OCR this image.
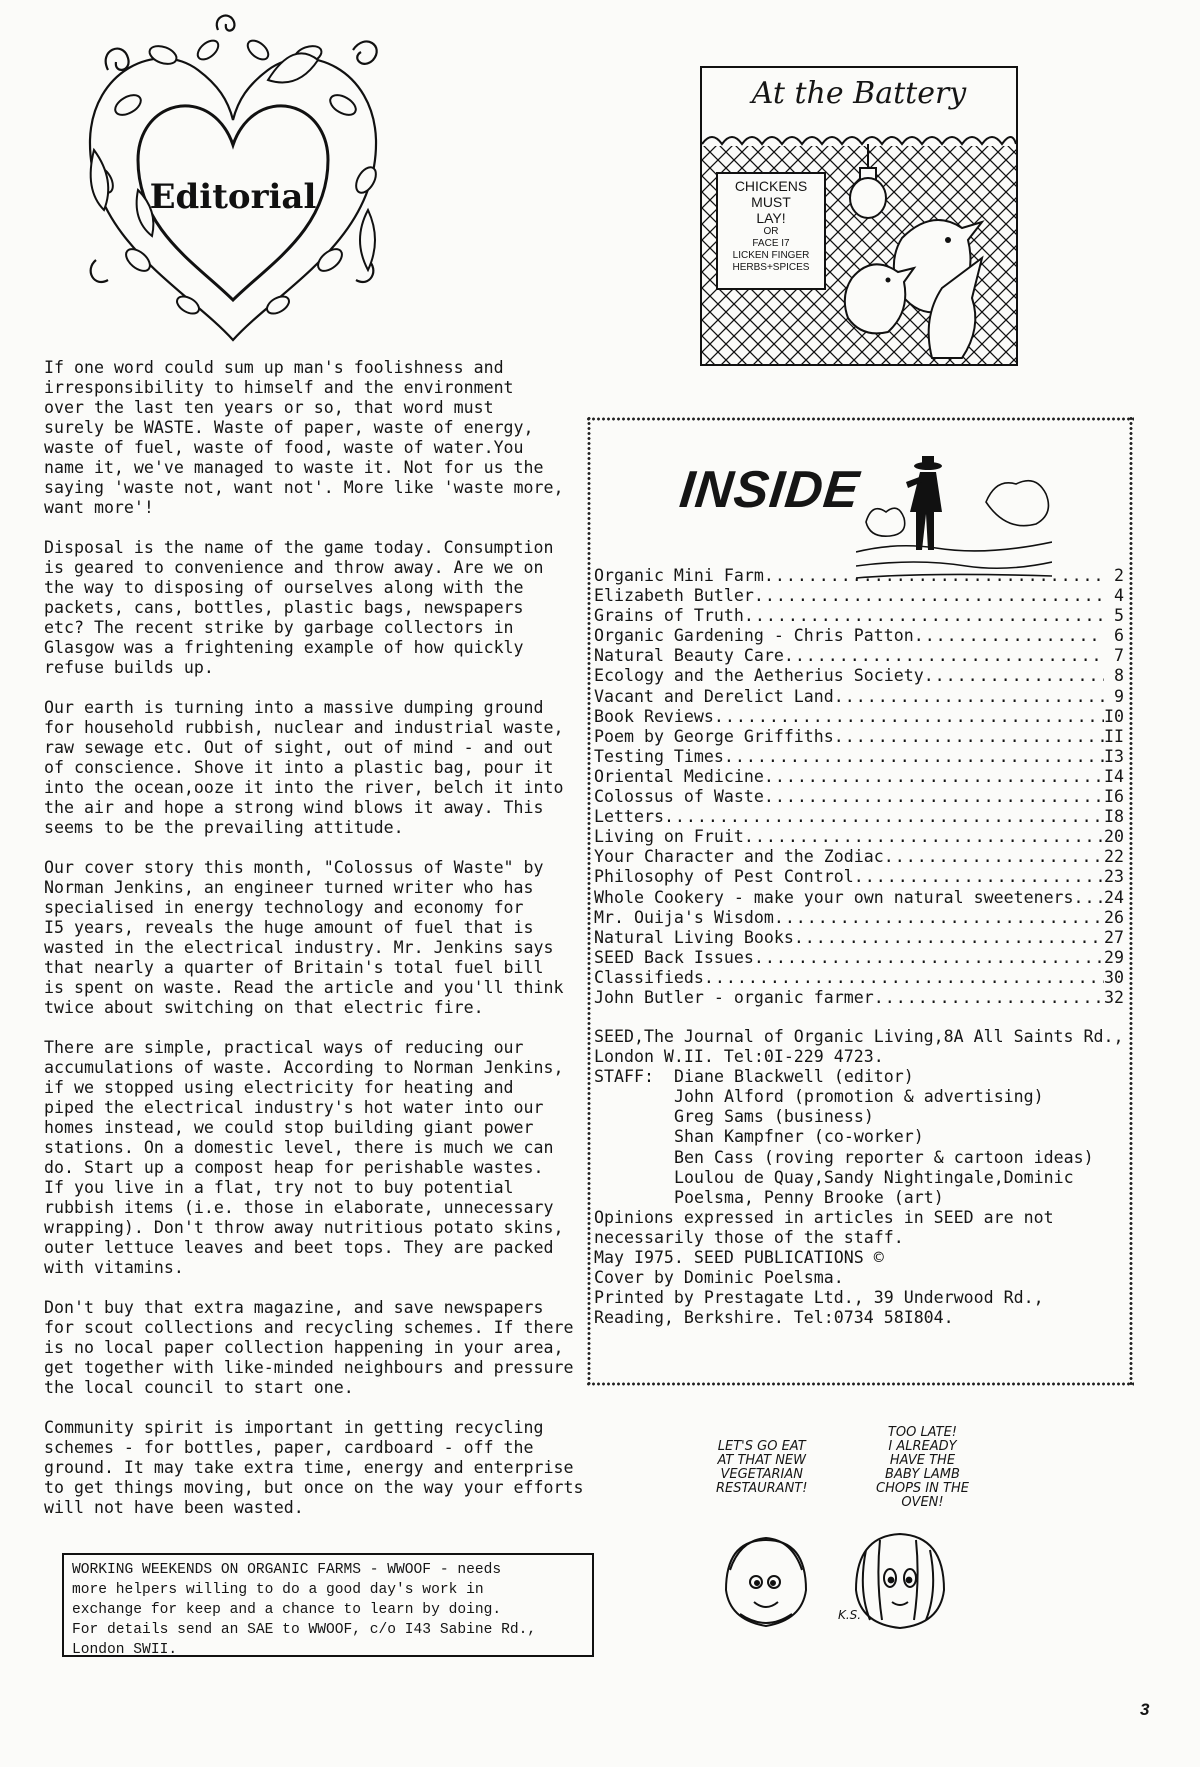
Editorial

If one word could sum up man's foolishness and
irresponsibility to himself and the environment
over the last ten years or so, that word must
surely be WASTE. Waste of paper, waste of energy,
waste of fuel, waste of food, waste of water.You
name it, we've managed to waste it. Not for us the
saying 'waste not, want not'. More like 'waste more,
want more'!

Disposal is the name of the game today. Consumption
is geared to convenience and throw away. Are we on
the way to disposing of ourselves along with the
packets, cans, bottles, plastic bags, newspapers
etc? The recent strike by garbage collectors in
Glasgow was a frightening example of how quickly
refuse builds up.

Our earth is turning into a massive dumping ground
for household rubbish, nuclear and industrial waste,
raw sewage etc. Out of sight, out of mind - and out
of conscience. Shove it into a plastic bag, pour it
into the ocean,ooze it into the river, belch it into
the air and hope a strong wind blows it away. This
seems to be the prevailing attitude.

Our cover story this month, "Colossus of Waste" by
Norman Jenkins, an engineer turned writer who has
specialised in energy technology and economy for
I5 years, reveals the huge amount of fuel that is
wasted in the electrical industry. Mr. Jenkins says
that nearly a quarter of Britain's total fuel bill
is spent on waste. Read the article and you'll think
twice about switching on that electric fire.

There are simple, practical ways of reducing our
accumulations of waste. According to Norman Jenkins,
if we stopped using electricity for heating and
piped the electrical industry's hot water into our
homes instead, we could stop building giant power
stations. On a domestic level, there is much we can
do. Start up a compost heap for perishable wastes.
If you live in a flat, try not to buy potential
rubbish items (i.e. those in elaborate, unnecessary
wrapping). Don't throw away nutritious potato skins,
outer lettuce leaves and beet tops. They are packed
with vitamins.

Don't buy that extra magazine, and save newspapers
for scout collections and recycling schemes. If there
is no local paper collection happening in your area,
get together with like-minded neighbours and pressure
the local council to start one.

Community spirit is important in getting recycling
schemes - for bottles, paper, cardboard - off the
ground. It may take extra time, energy and enterprise
to get things moving, but once on the way your efforts
will not have been wasted.

WORKING WEEKENDS ON ORGANIC FARMS - WWOOF - needs
more helpers willing to do a good day's work in
exchange for keep and a chance to learn by doing.
For details send an SAE to WWOOF, c/o I43 Sabine Rd.,
London SWII.
At the Battery
CHICKENS
MUST
LAY!
OR
FACE I7
LICKEN FINGER
HERBS+SPICES
INSIDE
Organic Mini Farm .....	2
Elizabeth Butler .....	4
Grains of Truth .....	5
Organic Gardening - Chris Patton .....	6
Natural Beauty Care .....	7
Ecology and the Aetherius Society .....	8
Vacant and Derelict Land .....	9
Book Reviews .....	I0
Poem by George Griffiths .....	II
Testing Times .....	I3
Oriental Medicine .....	I4
Colossus of Waste .....	I6
Letters .....	I8
Living on Fruit .....	20
Your Character and the Zodiac .....	22
Philosophy of Pest Control .....	23
Whole Cookery - make your own natural sweeteners ..... 24
Mr. Ouija's Wisdom .....	26
Natural Living Books .....	27
SEED Back Issues .....	29
Classifieds .....	30
John Butler - organic farmer .....	32
SEED,The Journal of Organic Living,8A All Saints Rd.,
London W.II. Tel:0I-229 4723.
STAFF:	Diane Blackwell (editor)
John Alford (promotion & advertising)
Greg Sams (business)
Shan Kampfner (co-worker)
Ben Cass (roving reporter & cartoon ideas)
Loulou de Quay,Sandy Nightingale,Dominic
Poelsma, Penny Brooke (art)
Opinions expressed in articles in SEED are not
necessarily those of the staff.
May I975. SEED PUBLICATIONS ©
Cover by Dominic Poelsma.
Printed by Prestagate Ltd., 39 Underwood Rd.,
Reading, Berkshire. Tel:0734 58I804.
LET'S GO EAT
AT THAT NEW
VEGETARIAN
RESTAURANT!
TOO LATE!
I ALREADY
HAVE THE
BABY LAMB
CHOPS IN THE
OVEN!
K.S.
3
